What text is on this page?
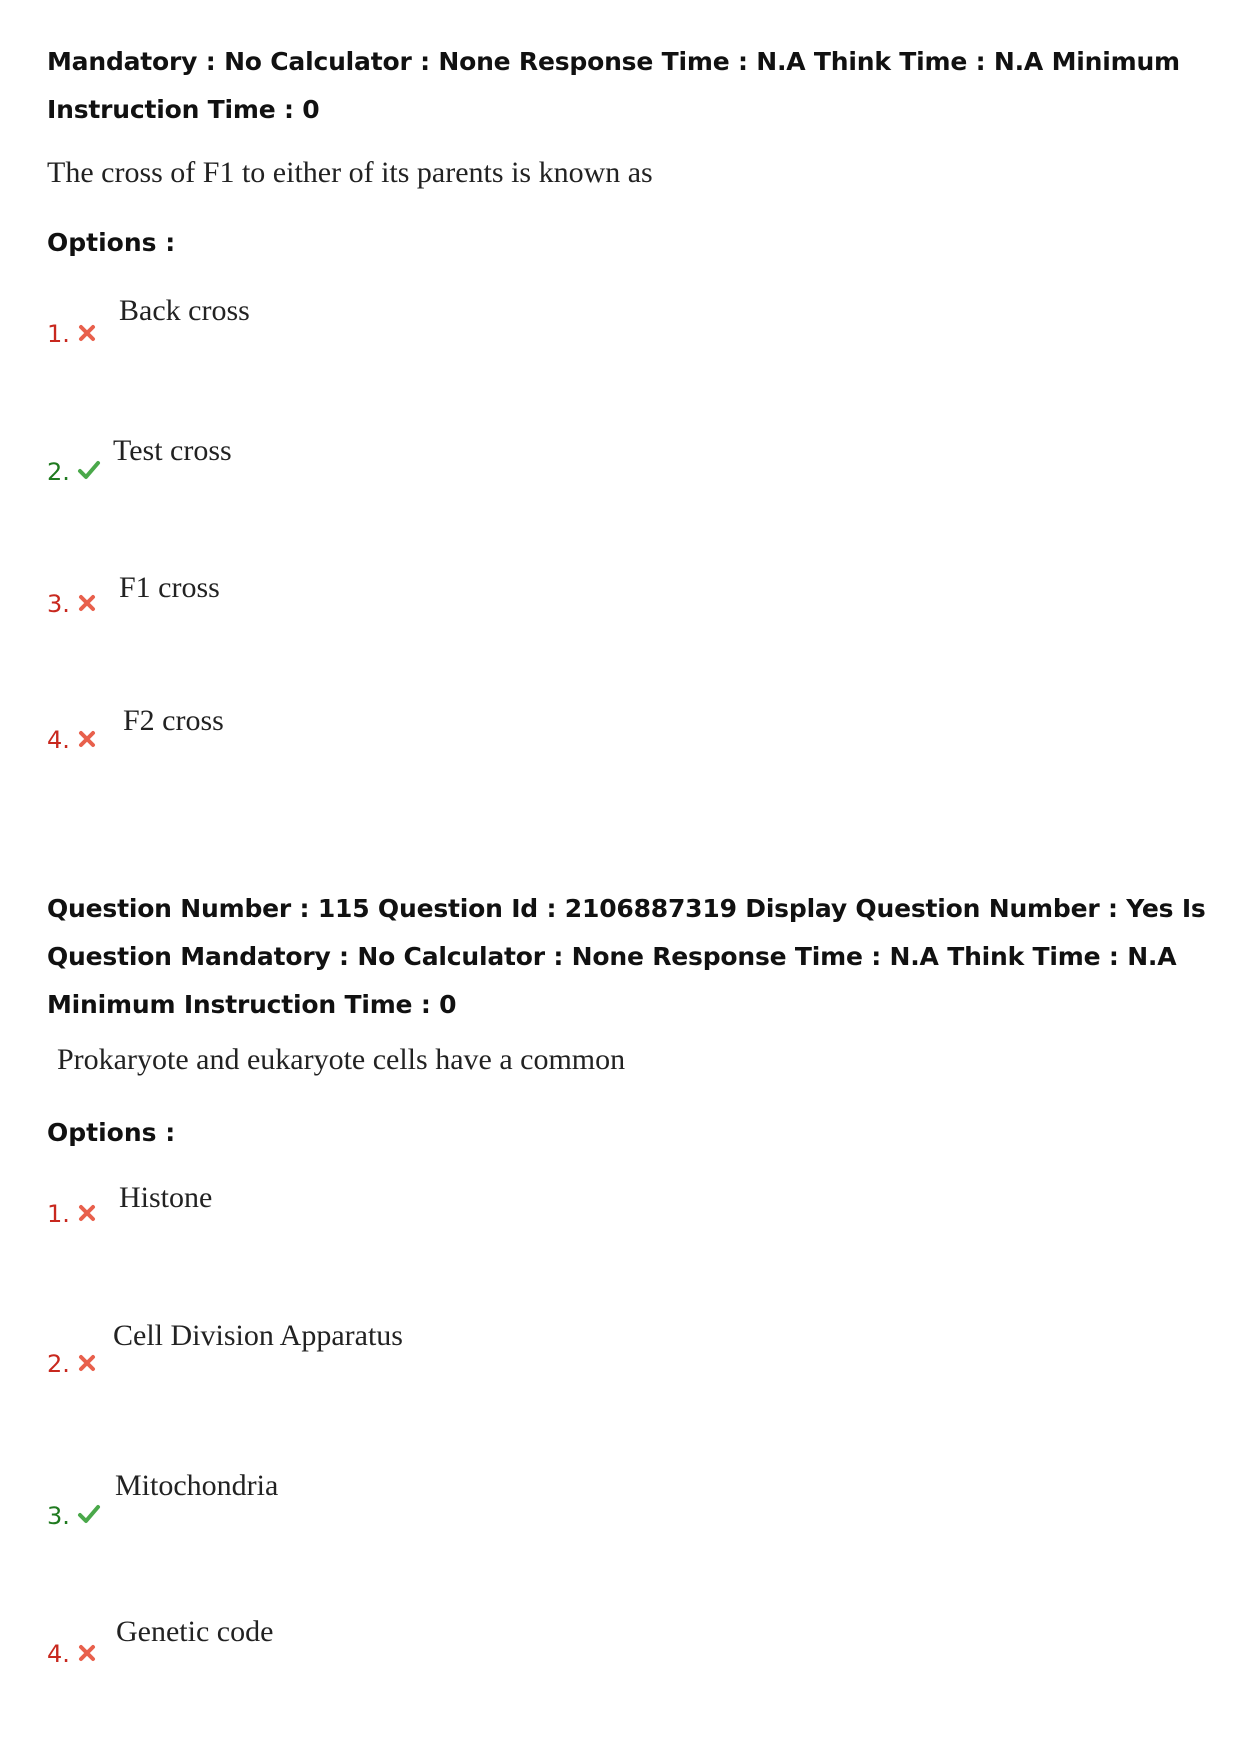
Mandatory : No Calculator : None Response Time : N.A Think Time : N.A Minimum Instruction Time : 0
The cross of F1 to either of its parents is known as
Options :
1.
Back cross
2.
Test cross
3. F1 cross
4.
F2 cross
Question Number : 115 Question Id : 2106887319 Display Question Number : Yes Is Question Mandatory : No Calculator : None Response Time : N.A Think Time : N.A Minimum Instruction Time : 0
Prokaryote and eukaryote cells have a common
Options :
1. Histone
2.
Cell Division Apparatus
3.
Mitochondria
4.
Genetic code
